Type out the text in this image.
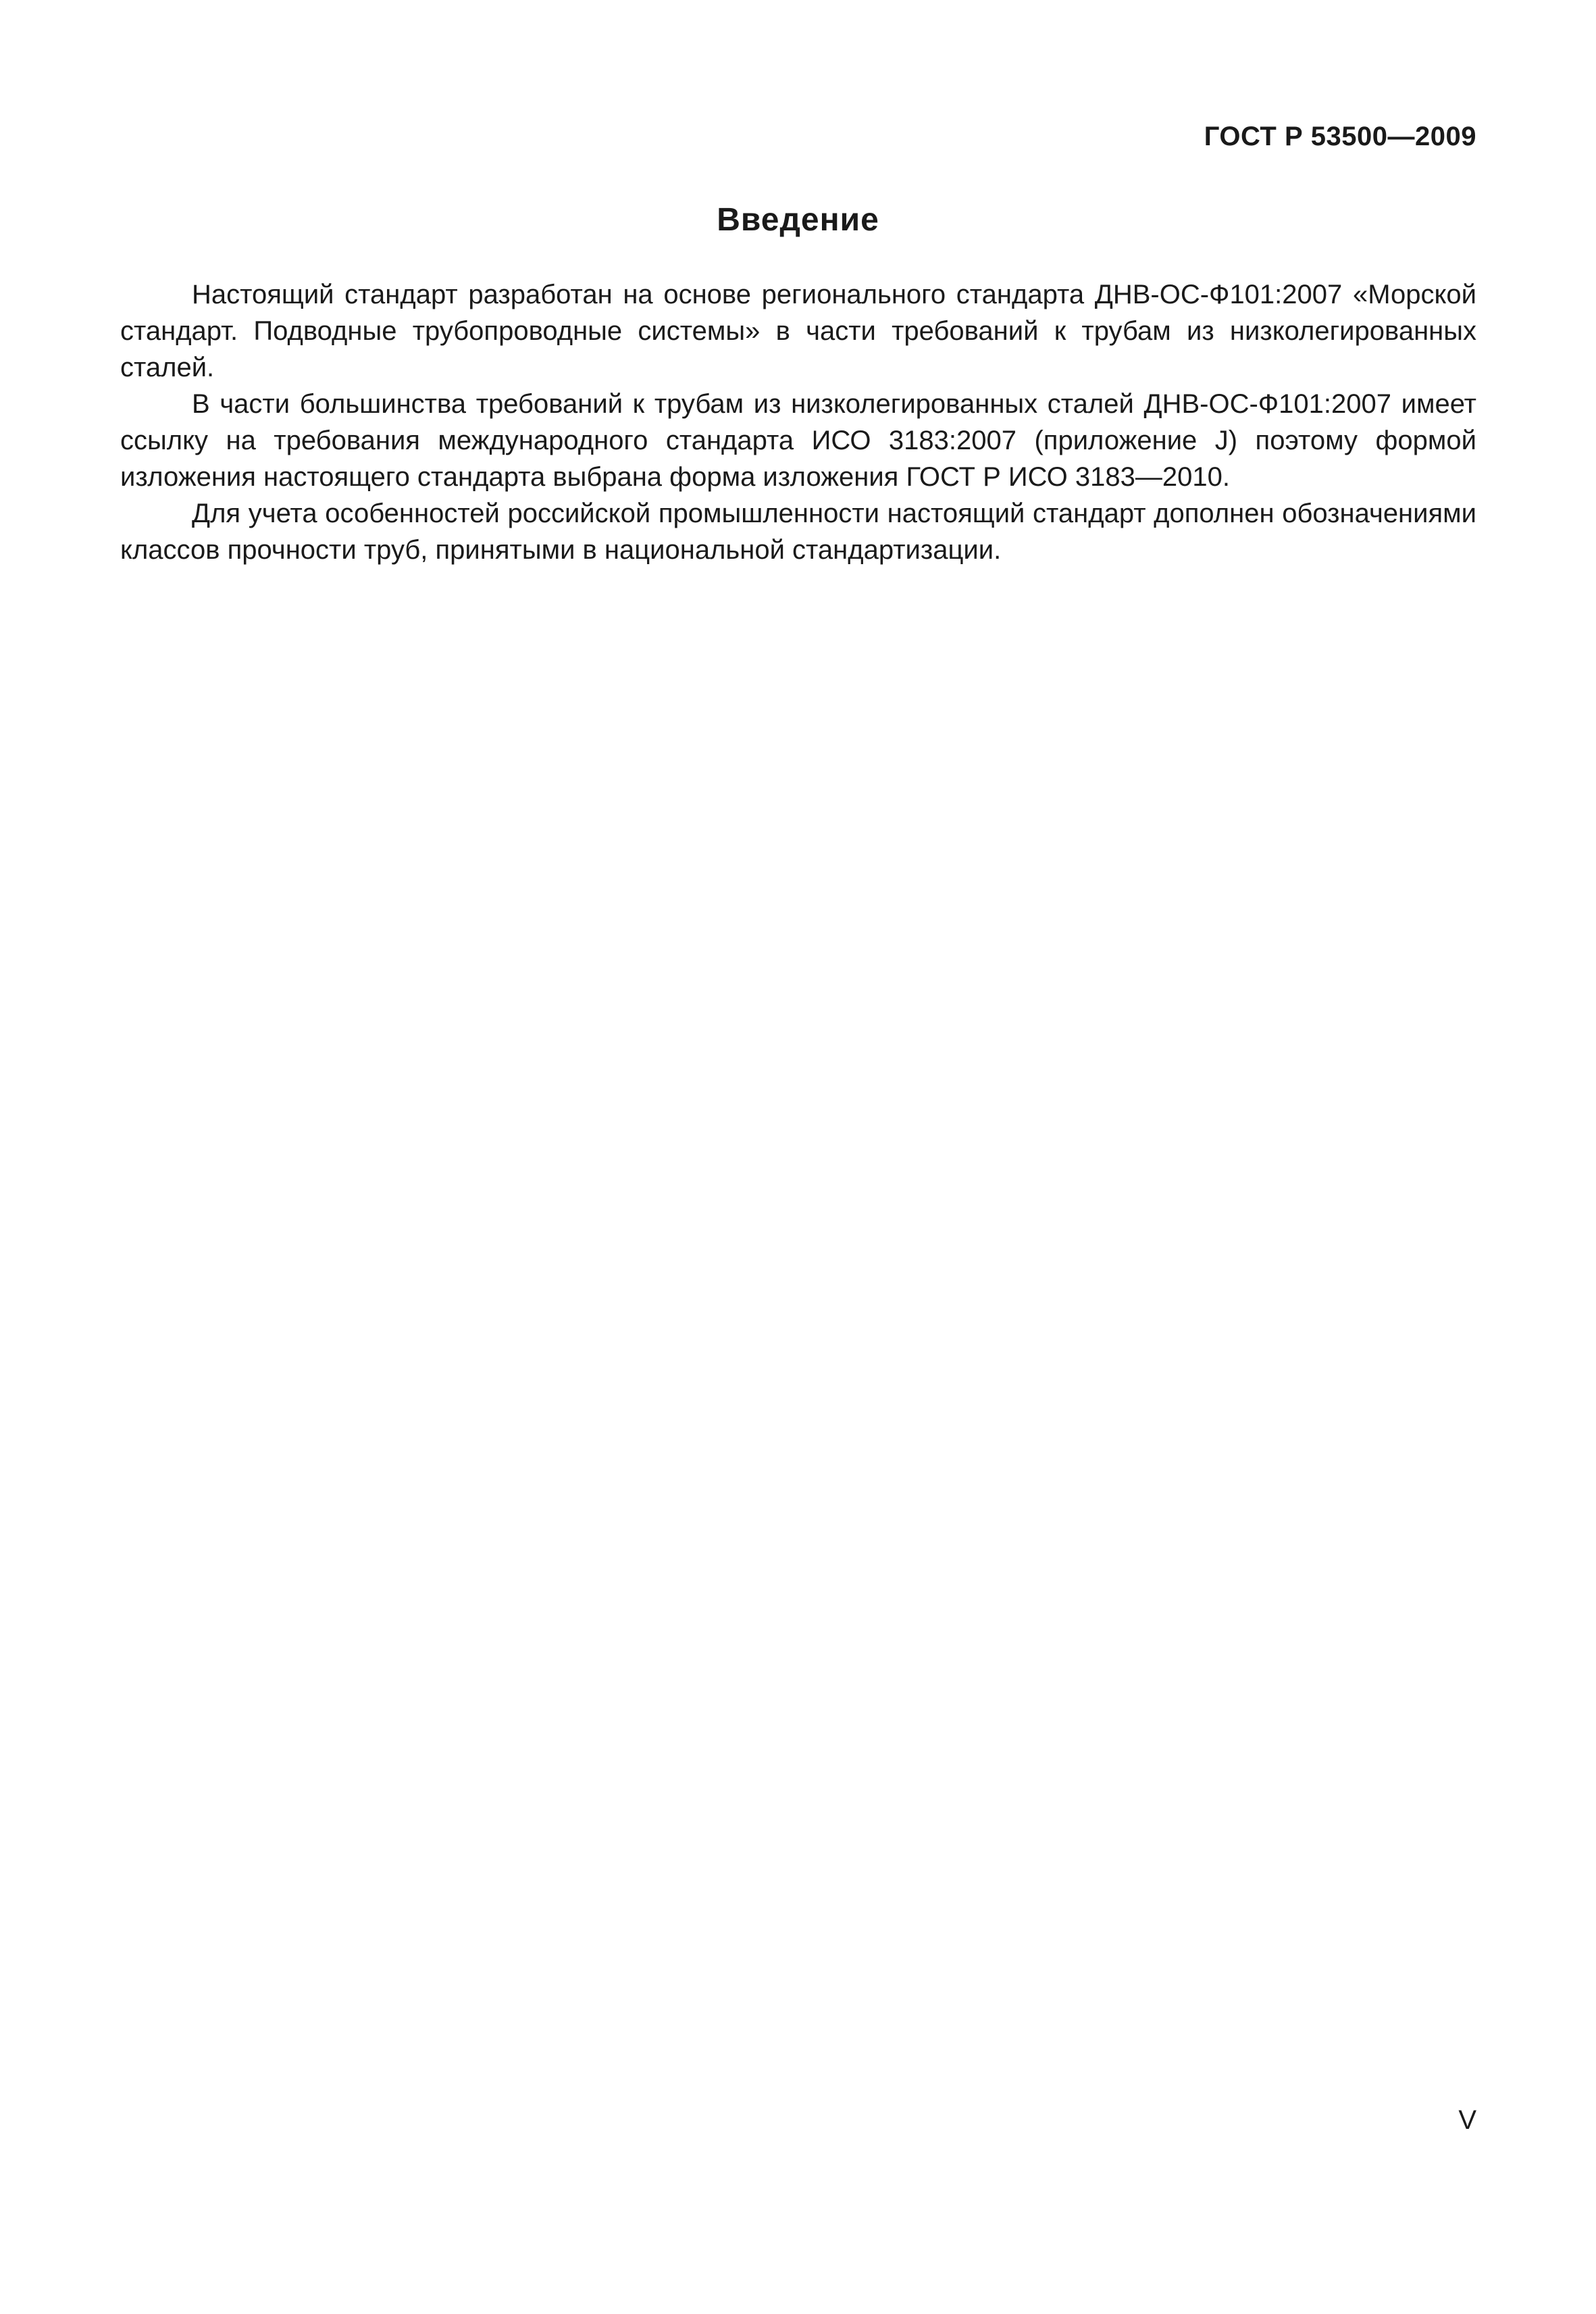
ГОСТ Р 53500—2009
Введение

Настоящий стандарт разработан на основе регионального стандарта ДНВ-ОС-Ф101:2007 «Морской стандарт. Подводные трубопроводные системы» в части требований к трубам из низколегированных сталей.

В части большинства требований к трубам из низколегированных сталей ДНВ-ОС-Ф101:2007 имеет ссылку на требования международного стандарта ИСО 3183:2007 (приложение J) поэтому формой изложения настоящего стандарта выбрана форма изложения ГОСТ Р ИСО 3183—2010.

Для учета особенностей российской промышленности настоящий стандарт дополнен обозначениями классов прочности труб, принятыми в национальной стандартизации.

V
